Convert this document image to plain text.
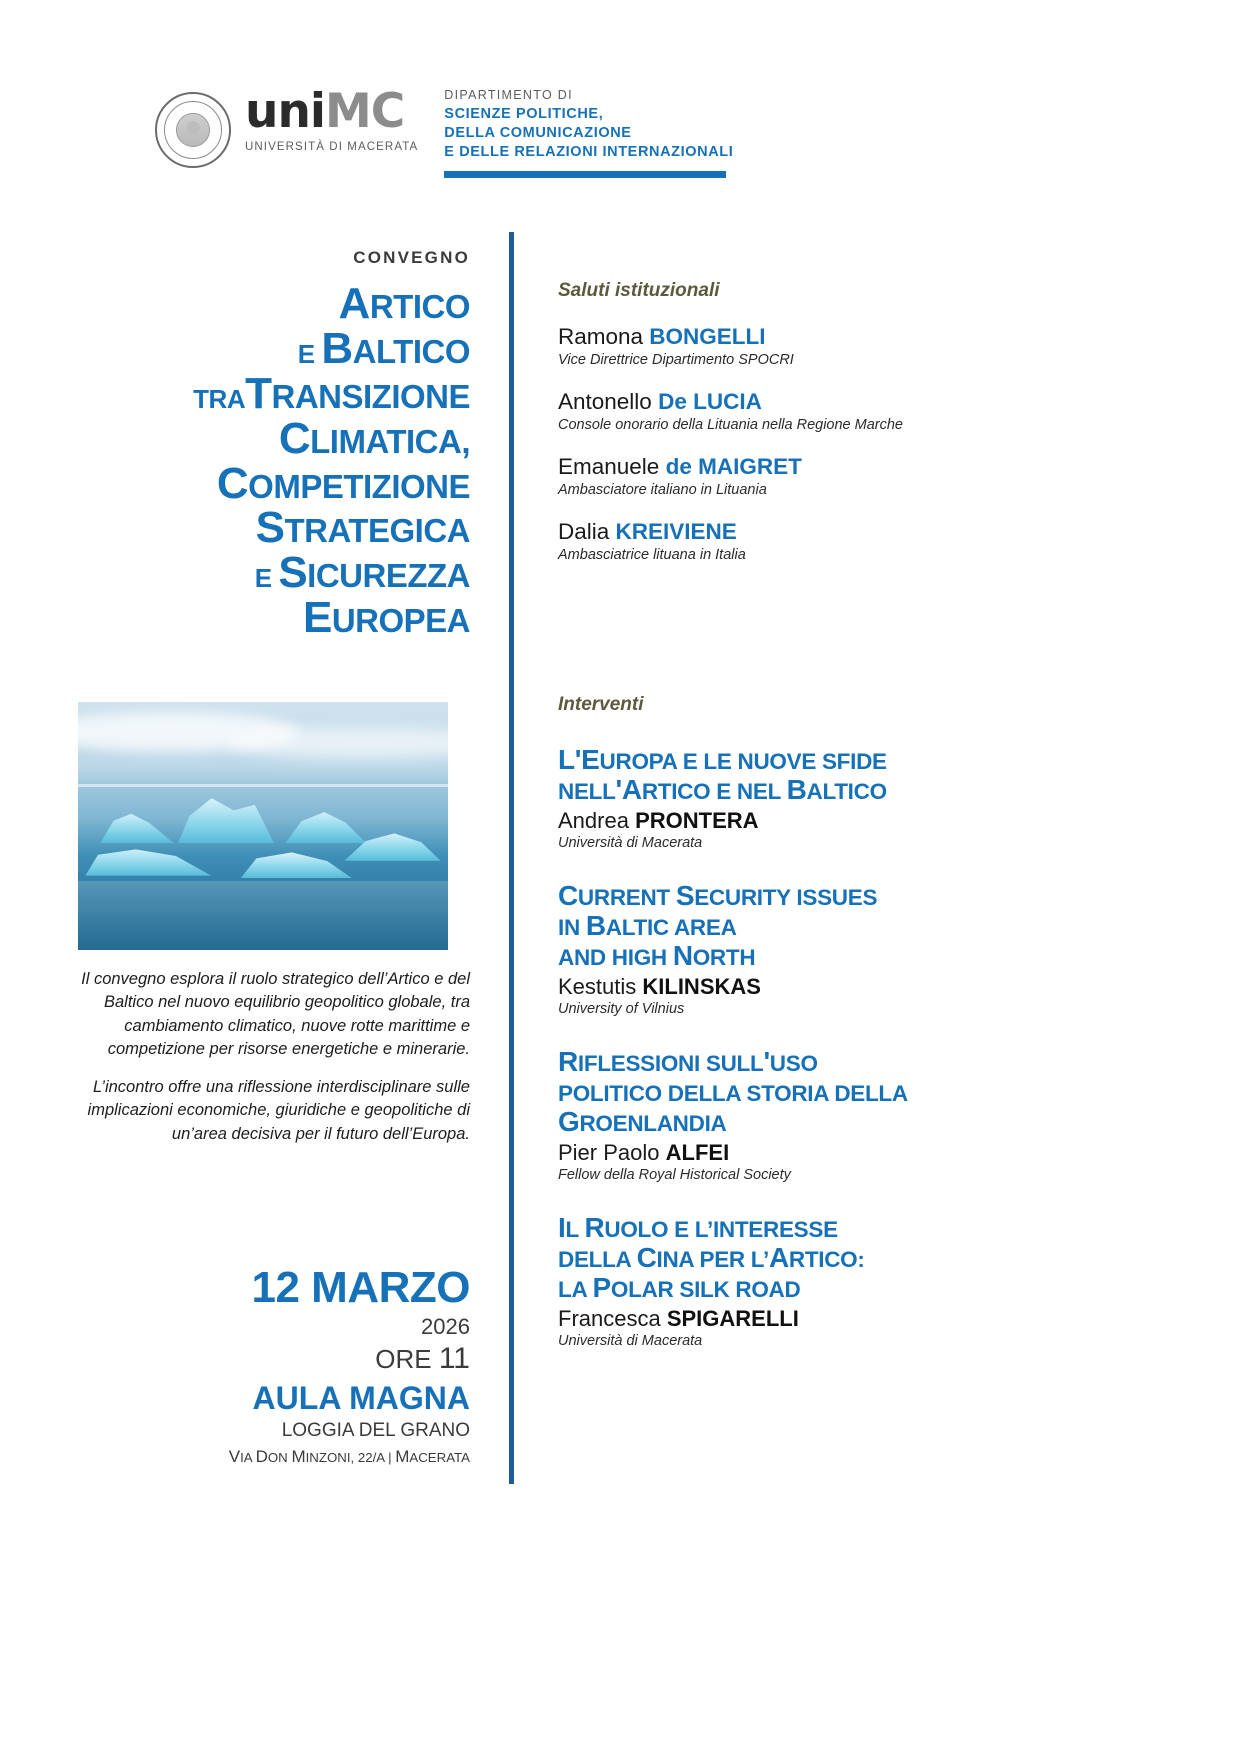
uniMC
UNIVERSITÀ DI MACERATA
DIPARTIMENTO DI
SCIENZE POLITICHE,
DELLA COMUNICAZIONE
E DELLE RELAZIONI INTERNAZIONALI
CONVEGNO
ARTICO
E BALTICO
TRATRANSIZIONE
CLIMATICA,
COMPETIZIONE
STRATEGICA
E SICUREZZA
EUROPEA

Il convegno esplora il ruolo strategico dell’Artico e del Baltico nel nuovo equilibrio geopolitico globale, tra cambiamento climatico, nuove rotte marittime e competizione per risorse energetiche e minerarie.

L’incontro offre una riflessione interdisciplinare sulle implicazioni economiche, giuridiche e geopolitiche di un’area decisiva per il futuro dell’Europa.

12 MARZO
2026
ORE 11
AULA MAGNA
LOGGIA DEL GRANO
VIA DON MINZONI, 22/A | MACERATA
Saluti istituzionali
Ramona BONGELLI
Vice Direttrice Dipartimento SPOCRI
Antonello De LUCIA
Console onorario della Lituania nella Regione Marche
Emanuele de MAIGRET
Ambasciatore italiano in Lituania
Dalia KREIVIENE
Ambasciatrice lituana in Italia
Interventi
L'EUROPA E LE NUOVE SFIDE
NELL'ARTICO E NEL BALTICO
Andrea PRONTERA
Università di Macerata
CURRENT SECURITY ISSUES
IN BALTIC AREA
AND HIGH NORTH
Kestutis KILINSKAS
University of Vilnius
RIFLESSIONI SULL'USO
POLITICO DELLA STORIA DELLA
GROENLANDIA
Pier Paolo ALFEI
Fellow della Royal Historical Society
IL RUOLO E L’INTERESSE
DELLA CINA PER L’ARTICO:
LA POLAR SILK ROAD
Francesca SPIGARELLI
Università di Macerata
